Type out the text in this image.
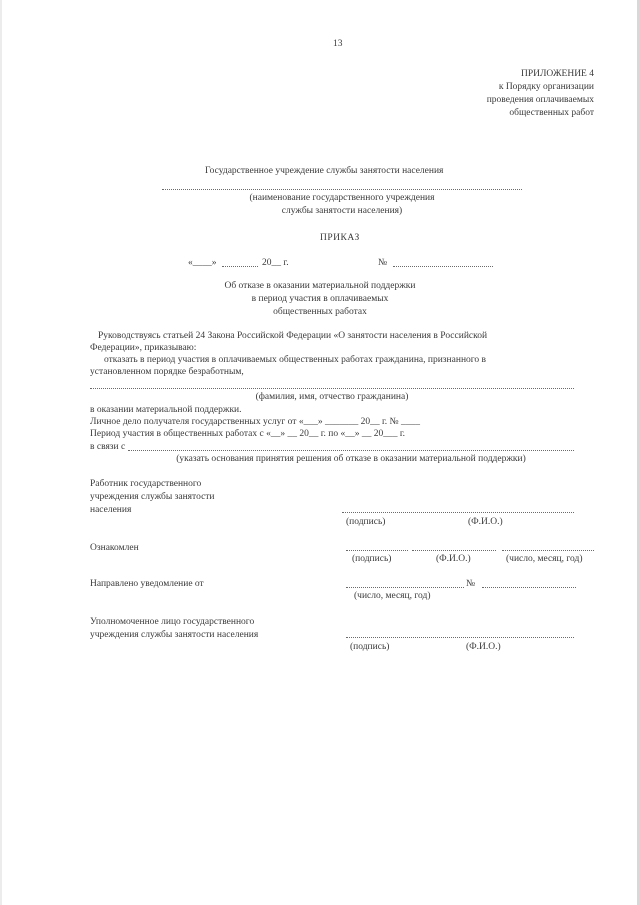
13
ПРИЛОЖЕНИЕ 4
к Порядку организации
проведения оплачиваемых
общественных работ
Государственное учреждение службы занятости населения
(наименование государственного учреждения
службы занятости населения)
ПРИКАЗ
«____»	20__ г.	№
Об отказе в оказании материальной поддержки
в период участия в оплачиваемых
общественных работах
Руководствуясь статьей 24 Закона Российской Федерации «О занятости населения в Российской
Федерации», приказываю:
отказать в период участия в оплачиваемых общественных работах гражданина, признанного в
установленном порядке безработным,
(фамилия, имя, отчество гражданина)
в оказании материальной поддержки.
Личное дело получателя государственных услуг от «___» _______ 20__ г. № ____
Период участия в общественных работах с «__» __ 20__ г. по «__» __ 20___ г.
в связи с
(указать основания принятия решения об отказе в оказании материальной поддержки)
Работник государственного
учреждения службы занятости
населения
(подпись)	(Ф.И.О.)
Ознакомлен
(подпись)	(Ф.И.О.)	(число, месяц, год)
Направлено уведомление от	№
(число, месяц, год)
Уполномоченное лицо государственного
учреждения службы занятости населения
(подпись)	(Ф.И.О.)
